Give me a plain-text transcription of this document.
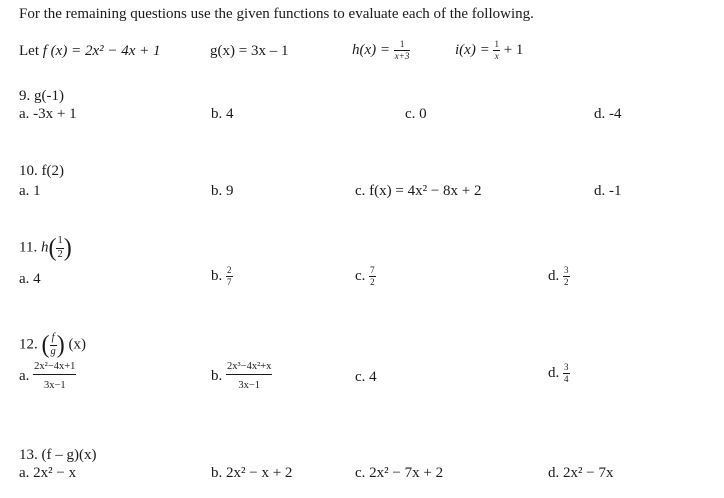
For the remaining questions use the given functions to evaluate each of the following.
Let f (x) = 2x² − 4x + 1	g(x) = 3x – 1	$h(x) = \frac{1}{x+3}$	$i(x) = \frac{1}{x} + 1$
9. g(-1)
a. -3x + 1	b. 4	c. 0	d. -4
10. f(2)
a. 1	b. 9	c. f(x) = 4x² − 8x + 2	d. -1
11. $h( \frac{1}{2}$ )
a. 4	b. $\frac{2}{7}$	c. $\frac{7}{2}$	d. $\frac{3}{2}$
12. ( $\frac{f}{g}$ ) (x)
a. $\frac{\text{2x²−4x+1}}{3x-1}$	b. $\frac{\text{2x³−4x²+x}}{3x-1}$	c. 4	d. $\frac{3}{4}$
13. (f – g)(x)
a. 2x² − x	b. 2x² − x + 2	c. 2x² − 7x + 2	d. 2x² − 7x
